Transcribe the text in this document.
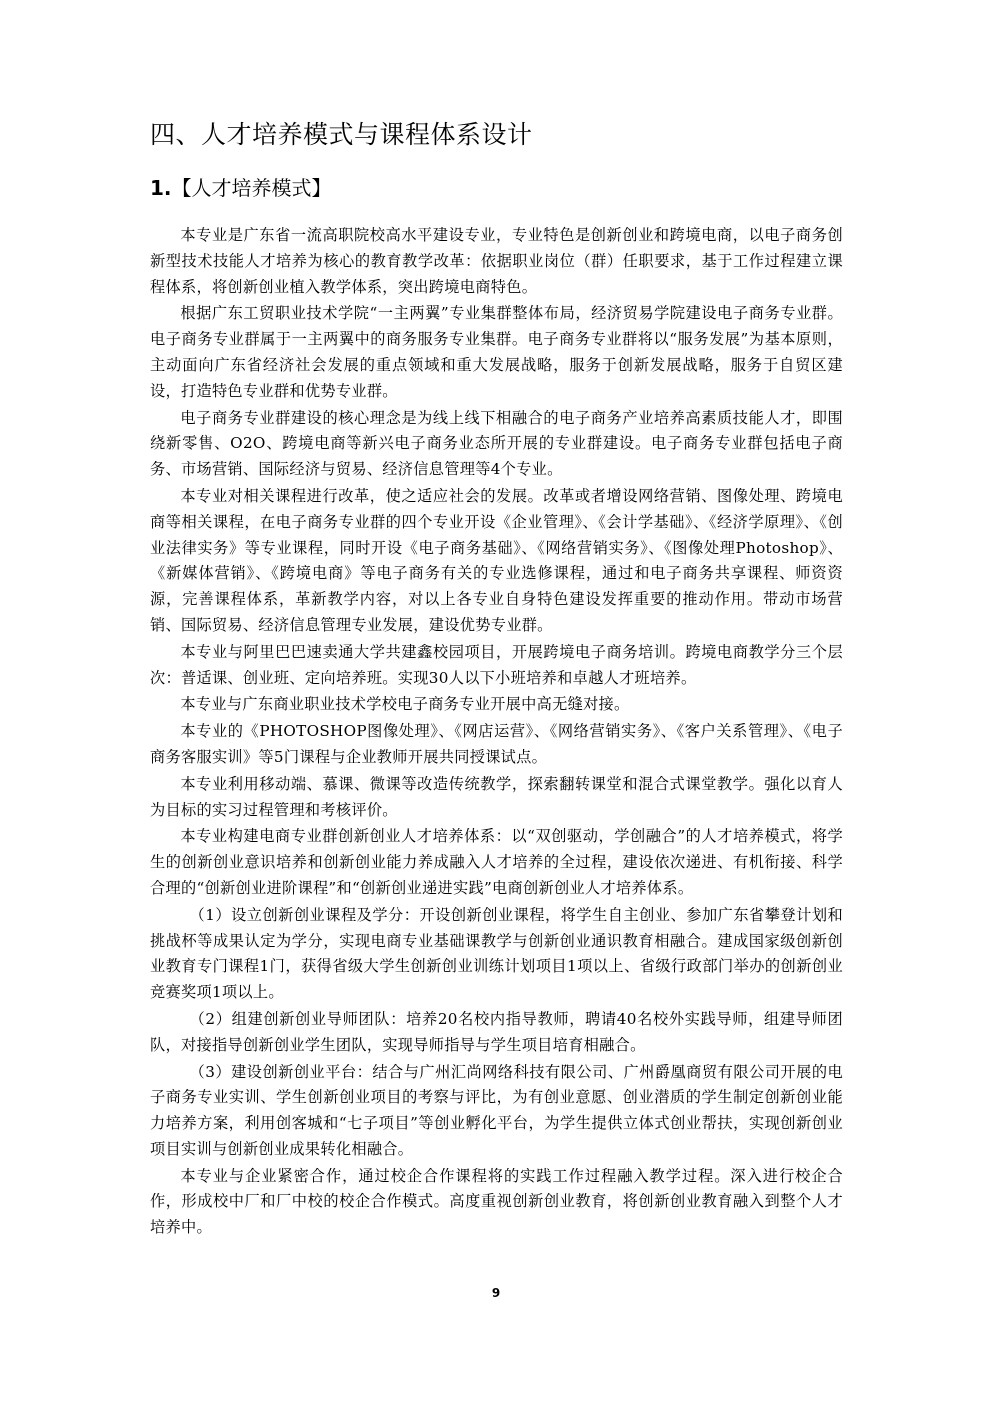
四、人才培养模式与课程体系设计
1.【人才培养模式】

本专业是广东省一流高职院校高水平建设专业，专业特色是创新创业和跨境电商，以电子商务创新型技术技能人才培养为核心的教育教学改革：依据职业岗位（群）任职要求，基于工作过程建立课程体系，将创新创业植入教学体系，突出跨境电商特色。

根据广东工贸职业技术学院“一主两翼”专业集群整体布局，经济贸易学院建设电子商务专业群。电子商务专业群属于一主两翼中的商务服务专业集群。电子商务专业群将以“服务发展”为基本原则，主动面向广东省经济社会发展的重点领域和重大发展战略，服务于创新发展战略，服务于自贸区建设，打造特色专业群和优势专业群。

电子商务专业群建设的核心理念是为线上线下相融合的电子商务产业培养高素质技能人才，即围绕新零售、O2O、跨境电商等新兴电子商务业态所开展的专业群建设。电子商务专业群包括电子商务、市场营销、国际经济与贸易、经济信息管理等4个专业。

本专业对相关课程进行改革，使之适应社会的发展。改革或者增设网络营销、图像处理、跨境电商等相关课程，在电子商务专业群的四个专业开设《企业管理》、《会计学基础》、《经济学原理》、《创业法律实务》等专业课程，同时开设《电子商务基础》、《网络营销实务》、《图像处理Photoshop》、《新媒体营销》、《跨境电商》等电子商务有关的专业选修课程，通过和电子商务共享课程、师资资源，完善课程体系，革新教学内容，对以上各专业自身特色建设发挥重要的推动作用。带动市场营销、国际贸易、经济信息管理专业发展，建设优势专业群。

本专业与阿里巴巴速卖通大学共建鑫校园项目，开展跨境电子商务培训。跨境电商教学分三个层次：普适课、创业班、定向培养班。实现30人以下小班培养和卓越人才班培养。

本专业与广东商业职业技术学校电子商务专业开展中高无缝对接。

本专业的《PHOTOSHOP图像处理》、《网店运营》、《网络营销实务》、《客户关系管理》、《电子商务客服实训》等5门课程与企业教师开展共同授课试点。

本专业利用移动端、慕课、微课等改造传统教学，探索翻转课堂和混合式课堂教学。强化以育人为目标的实习过程管理和考核评价。

本专业构建电商专业群创新创业人才培养体系：以“双创驱动，学创融合”的人才培养模式，将学生的创新创业意识培养和创新创业能力养成融入人才培养的全过程，建设依次递进、有机衔接、科学合理的“创新创业进阶课程”和“创新创业递进实践”电商创新创业人才培养体系。

（1）设立创新创业课程及学分：开设创新创业课程，将学生自主创业、参加广东省攀登计划和挑战杯等成果认定为学分，实现电商专业基础课教学与创新创业通识教育相融合。建成国家级创新创业教育专门课程1门，获得省级大学生创新创业训练计划项目1项以上、省级行政部门举办的创新创业竞赛奖项1项以上。

（2）组建创新创业导师团队：培养20名校内指导教师，聘请40名校外实践导师，组建导师团队，对接指导创新创业学生团队，实现导师指导与学生项目培育相融合。

（3）建设创新创业平台：结合与广州汇尚网络科技有限公司、广州爵凰商贸有限公司开展的电子商务专业实训、学生创新创业项目的考察与评比，为有创业意愿、创业潜质的学生制定创新创业能力培养方案，利用创客城和“七子项目”等创业孵化平台，为学生提供立体式创业帮扶，实现创新创业项目实训与创新创业成果转化相融合。

本专业与企业紧密合作，通过校企合作课程将的实践工作过程融入教学过程。深入进行校企合作，形成校中厂和厂中校的校企合作模式。高度重视创新创业教育，将创新创业教育融入到整个人才培养中。

9
